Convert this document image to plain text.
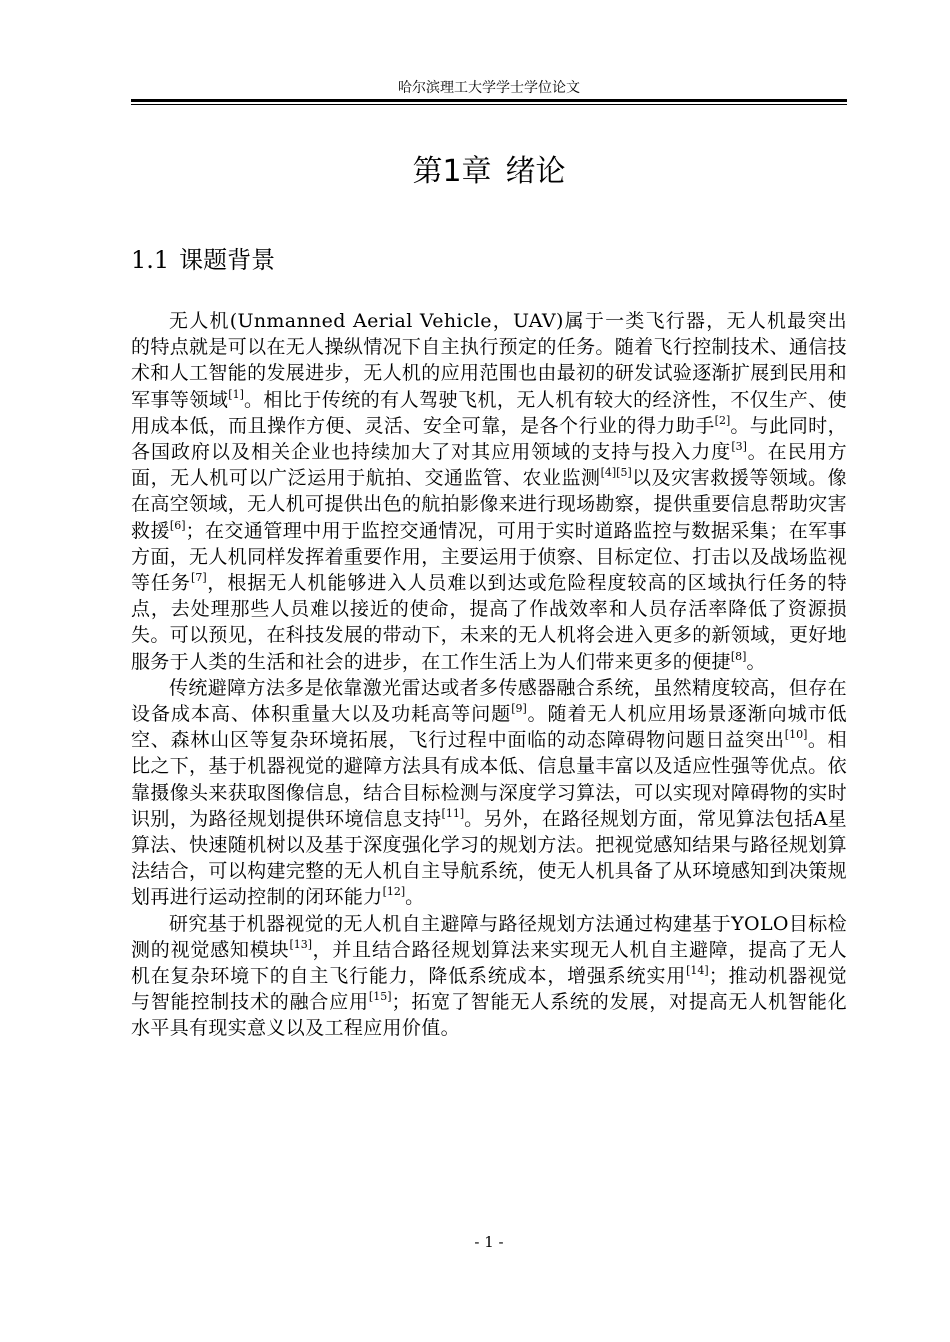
哈尔滨理工大学学士学位论文
第1章 绪论
1.1 课题背景

无人机(Unmanned Aerial Vehicle，UAV)属于一类飞行器，无人机最突出的特点就是可以在无人操纵情况下自主执行预定的任务。随着飞行控制技术、通信技术和人工智能的发展进步，无人机的应用范围也由最初的研发试验逐渐扩展到民用和军事等领域[1]。相比于传统的有人驾驶飞机，无人机有较大的经济性，不仅生产、使用成本低，而且操作方便、灵活、安全可靠，是各个行业的得力助手[2]。与此同时，各国政府以及相关企业也持续加大了对其应用领域的支持与投入力度[3]。在民用方面，无人机可以广泛运用于航拍、交通监管、农业监测[4][5]以及灾害救援等领域。像在高空领域，无人机可提供出色的航拍影像来进行现场勘察，提供重要信息帮助灾害救援[6]；在交通管理中用于监控交通情况，可用于实时道路监控与数据采集；在军事方面，无人机同样发挥着重要作用，主要运用于侦察、目标定位、打击以及战场监视等任务[7]，根据无人机能够进入人员难以到达或危险程度较高的区域执行任务的特点，去处理那些人员难以接近的使命，提高了作战效率和人员存活率降低了资源损失。可以预见，在科技发展的带动下，未来的无人机将会进入更多的新领域，更好地服务于人类的生活和社会的进步，在工作生活上为人们带来更多的便捷[8]。

传统避障方法多是依靠激光雷达或者多传感器融合系统，虽然精度较高，但存在设备成本高、体积重量大以及功耗高等问题[9]。随着无人机应用场景逐渐向城市低空、森林山区等复杂环境拓展，飞行过程中面临的动态障碍物问题日益突出[10]。相比之下，基于机器视觉的避障方法具有成本低、信息量丰富以及适应性强等优点。依靠摄像头来获取图像信息，结合目标检测与深度学习算法，可以实现对障碍物的实时识别，为路径规划提供环境信息支持[11]。另外，在路径规划方面，常见算法包括A星算法、快速随机树以及基于深度强化学习的规划方法。把视觉感知结果与路径规划算法结合，可以构建完整的无人机自主导航系统，使无人机具备了从环境感知到决策规划再进行运动控制的闭环能力[12]。

研究基于机器视觉的无人机自主避障与路径规划方法通过构建基于YOLO目标检测的视觉感知模块[13]，并且结合路径规划算法来实现无人机自主避障，提高了无人机在复杂环境下的自主飞行能力，降低系统成本，增强系统实用[14]；推动机器视觉与智能控制技术的融合应用[15]；拓宽了智能无人系统的发展，对提高无人机智能化水平具有现实意义以及工程应用价值。

- 1 -
